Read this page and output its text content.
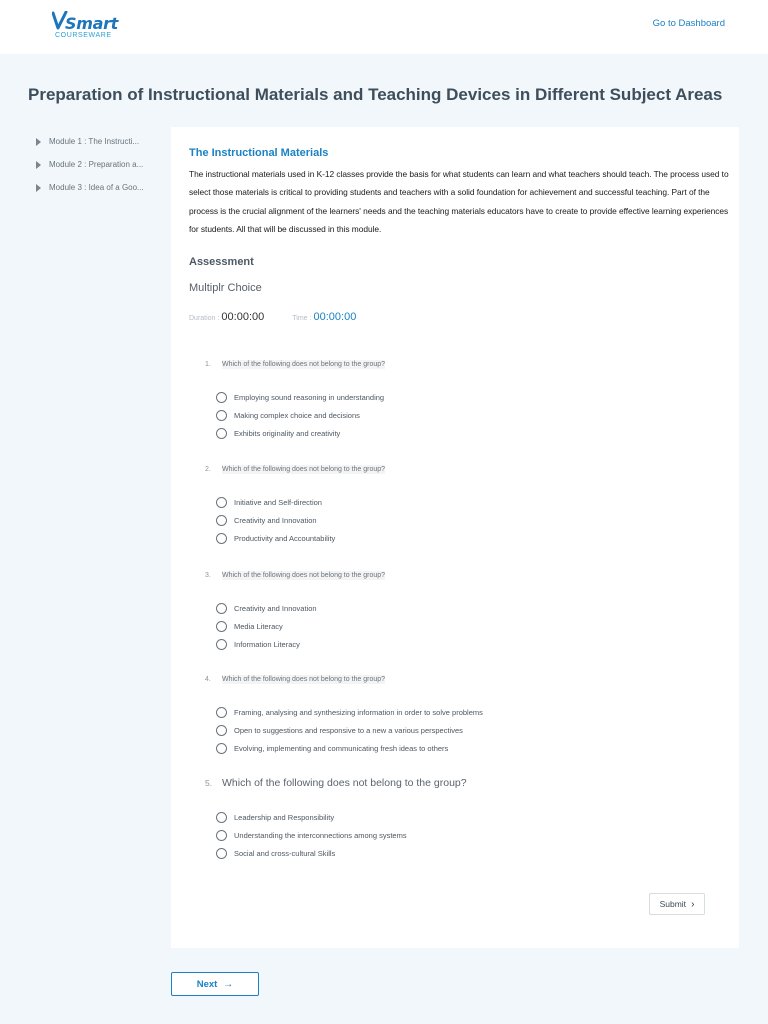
Smart
COURSEWARE
Go to Dashboard
Preparation of Instructional Materials and Teaching Devices in Different Subject Areas
Module 1 : The Instructi...
Module 2 : Preparation a...
Module 3 : Idea of a Goo...
The Instructional Materials

The instructional materials used in K-12 classes provide the basis for what students can learn and what teachers should teach. The process used to select those materials is critical to providing students and teachers with a solid foundation for achievement and successful teaching. Part of the process is the crucial alignment of the learners' needs and the teaching materials educators have to create to provide effective learning experiences for students. All that will be discussed in this module.

Assessment
Multiplr Choice
Duration : 00:00:00	Time : 00:00:00
1.	Which of the following does not belong to the group?
Employing sound reasoning in understanding
Making complex choice and decisions
Exhibits originality and creativity
2.	Which of the following does not belong to the group?
Initiative and Self-direction
Creativity and Innovation
Productivity and Accountability
3.	Which of the following does not belong to the group?
Creativity and Innovation
Media Literacy
Information Literacy
4.	Which of the following does not belong to the group?
Framing, analysing and synthesizing information in order to solve problems
Open to suggestions and responsive to a new a various perspectives
Evolving, implementing and communicating fresh ideas to others
5. Which of the following does not belong to the group?
Leadership and Responsibility
Understanding the interconnections among systems
Social and cross-cultural Skills
Submit ›
Next →
